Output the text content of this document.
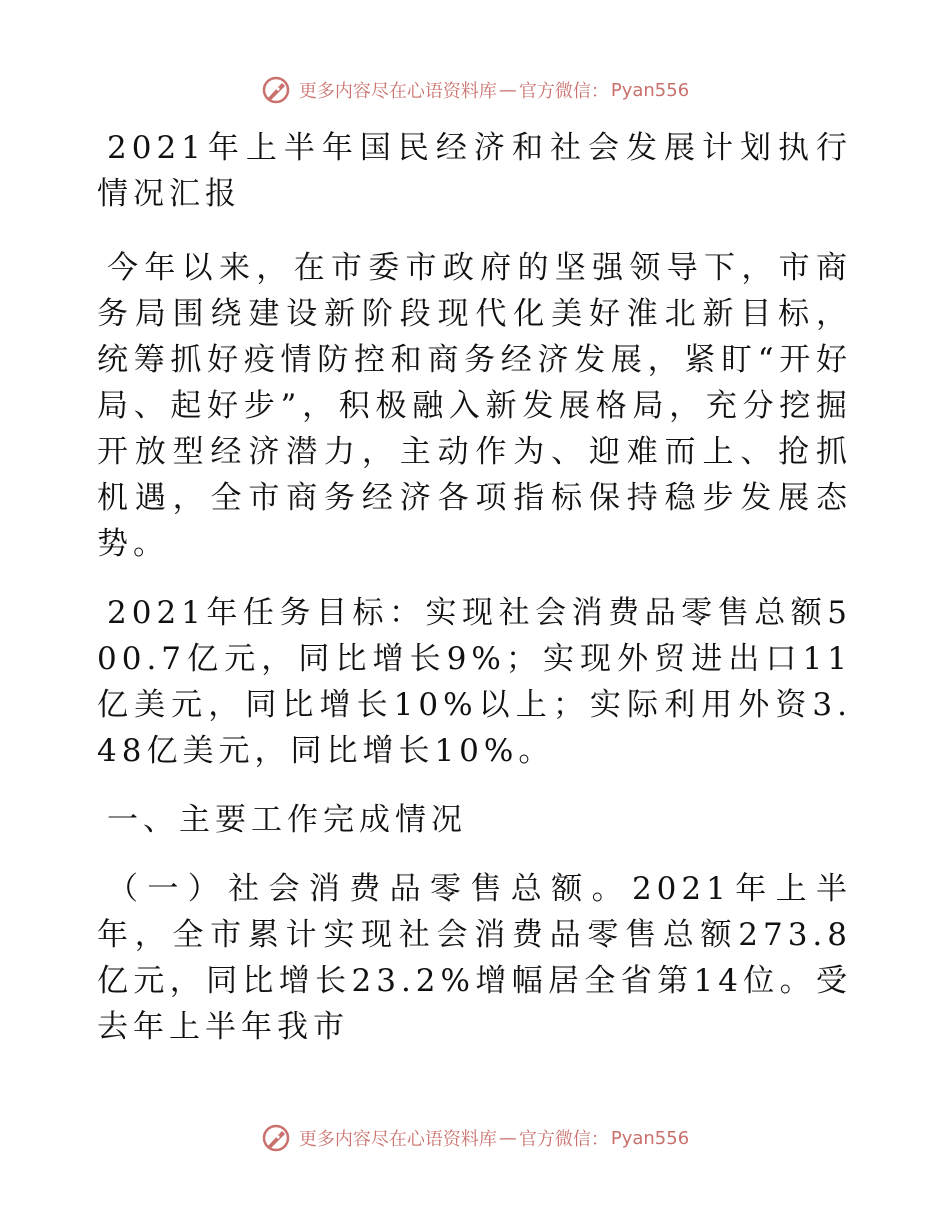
更多内容尽在心语资料库 — 官方微信： Pyan556

2021年上半年国民经济和社会发展计划执行情况汇报

今年以来，在市委市政府的坚强领导下，市商务局围绕建设新阶段现代化美好淮北新目标，统筹抓好疫情防控和商务经济发展，紧盯“开好局、起好步”，积极融入新发展格局，充分挖掘开放型经济潜力，主动作为、迎难而上、抢抓机遇，全市商务经济各项指标保持稳步发展态势。

2021年任务目标：实现社会消费品零售总额500.7亿元，同比增长9%；实现外贸进出口11亿美元，同比增长10%以上；实际利用外资3.48亿美元，同比增长10%。

一、主要工作完成情况

（一）社会消费品零售总额。2021年上半年，全市累计实现社会消费品零售总额273.8亿元，同比增长23.2%增幅居全省第14位。受去年上半年我市

更多内容尽在心语资料库 — 官方微信： Pyan556
